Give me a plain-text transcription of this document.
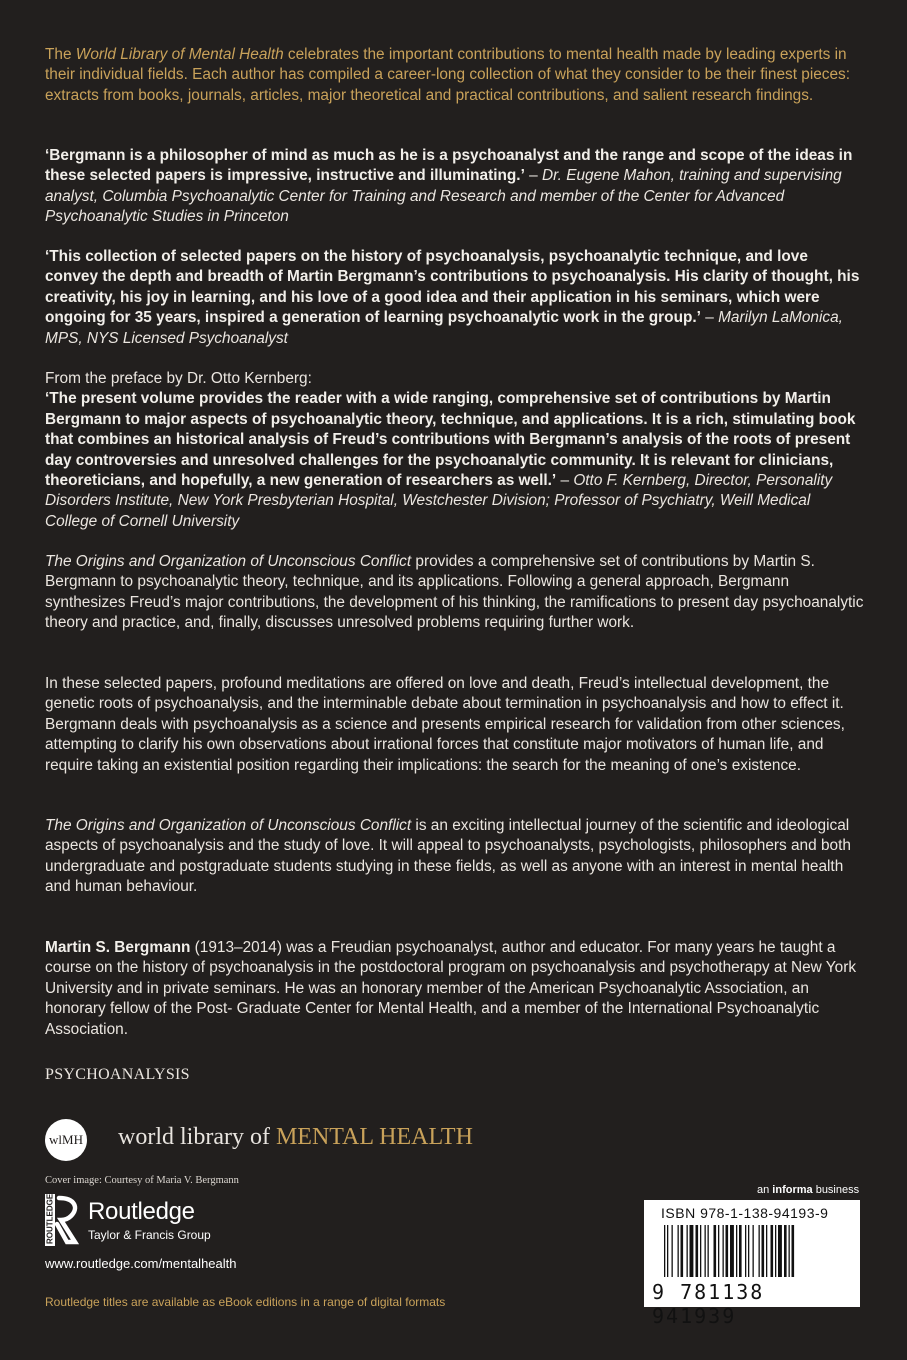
The World Library of Mental Health celebrates the important contributions to mental health made by leading experts in their individual fields. Each author has compiled a career-long collection of what they consider to be their finest pieces: extracts from books, journals, articles, major theoretical and practical contributions, and salient research findings.

‘Bergmann is a philosopher of mind as much as he is a psychoanalyst and the range and scope of the ideas in these selected papers is impressive, instructive and illuminating.’ – Dr. Eugene Mahon, training and supervising analyst, Columbia Psychoanalytic Center for Training and Research and member of the Center for Advanced Psychoanalytic Studies in Princeton

‘This collection of selected papers on the history of psychoanalysis, psychoanalytic technique, and love convey the depth and breadth of Martin Bergmann’s contributions to psychoanalysis. His clarity of thought, his creativity, his joy in learning, and his love of a good idea and their application in his seminars, which were ongoing for 35 years, inspired a generation of learning psychoanalytic work in the group.’ – Marilyn LaMonica, MPS, NYS Licensed Psychoanalyst

From the preface by Dr. Otto Kernberg:
‘The present volume provides the reader with a wide ranging, comprehensive set of contributions by Martin Bergmann to major aspects of psychoanalytic theory, technique, and applications. It is a rich, stimulating book that combines an historical analysis of Freud’s contributions with Bergmann’s analysis of the roots of present day controversies and unresolved challenges for the psychoanalytic community. It is relevant for clinicians, theoreticians, and hopefully, a new generation of researchers as well.’ – Otto F. Kernberg, Director, Personality Disorders Institute, New York Presbyterian Hospital, Westchester Division; Professor of Psychiatry, Weill Medical College of Cornell University

The Origins and Organization of Unconscious Conflict provides a comprehensive set of contributions by Martin S. Bergmann to psychoanalytic theory, technique, and its applications. Following a general approach, Bergmann synthesizes Freud’s major contributions, the development of his thinking, the ramifications to present day psychoanalytic theory and practice, and, finally, discusses unresolved problems requiring further work.

In these selected papers, profound meditations are offered on love and death, Freud’s intellectual development, the genetic roots of psychoanalysis, and the interminable debate about termination in psychoanalysis and how to effect it. Bergmann deals with psychoanalysis as a science and presents empirical research for validation from other sciences, attempting to clarify his own observations about irrational forces that constitute major motivators of human life, and require taking an existential position regarding their implications: the search for the meaning of one’s existence.

The Origins and Organization of Unconscious Conflict is an exciting intellectual journey of the scientific and ideological aspects of psychoanalysis and the study of love. It will appeal to psychoanalysts, psychologists, philosophers and both undergraduate and postgraduate students studying in these fields, as well as anyone with an interest in mental health and human behaviour.

Martin S. Bergmann (1913–2014) was a Freudian psychoanalyst, author and educator. For many years he taught a course on the history of psychoanalysis in the postdoctoral program on psychoanalysis and psychotherapy at New York University and in private seminars. He was an honorary member of the American Psychoanalytic Association, an honorary fellow of the Post- Graduate Center for Mental Health, and a member of the International Psychoanalytic Association.

PSYCHOANALYSIS
wlMH world library of MENTAL HEALTH
Cover image: Courtesy of Maria V. Bergmann
ROUTLEDGE Routledge
Taylor & Francis Group
www.routledge.com/mentalhealth
Routledge titles are available as eBook editions in a range of digital formats
an informa business
ISBN 978-1-138-94193-9
9 781138 941939
